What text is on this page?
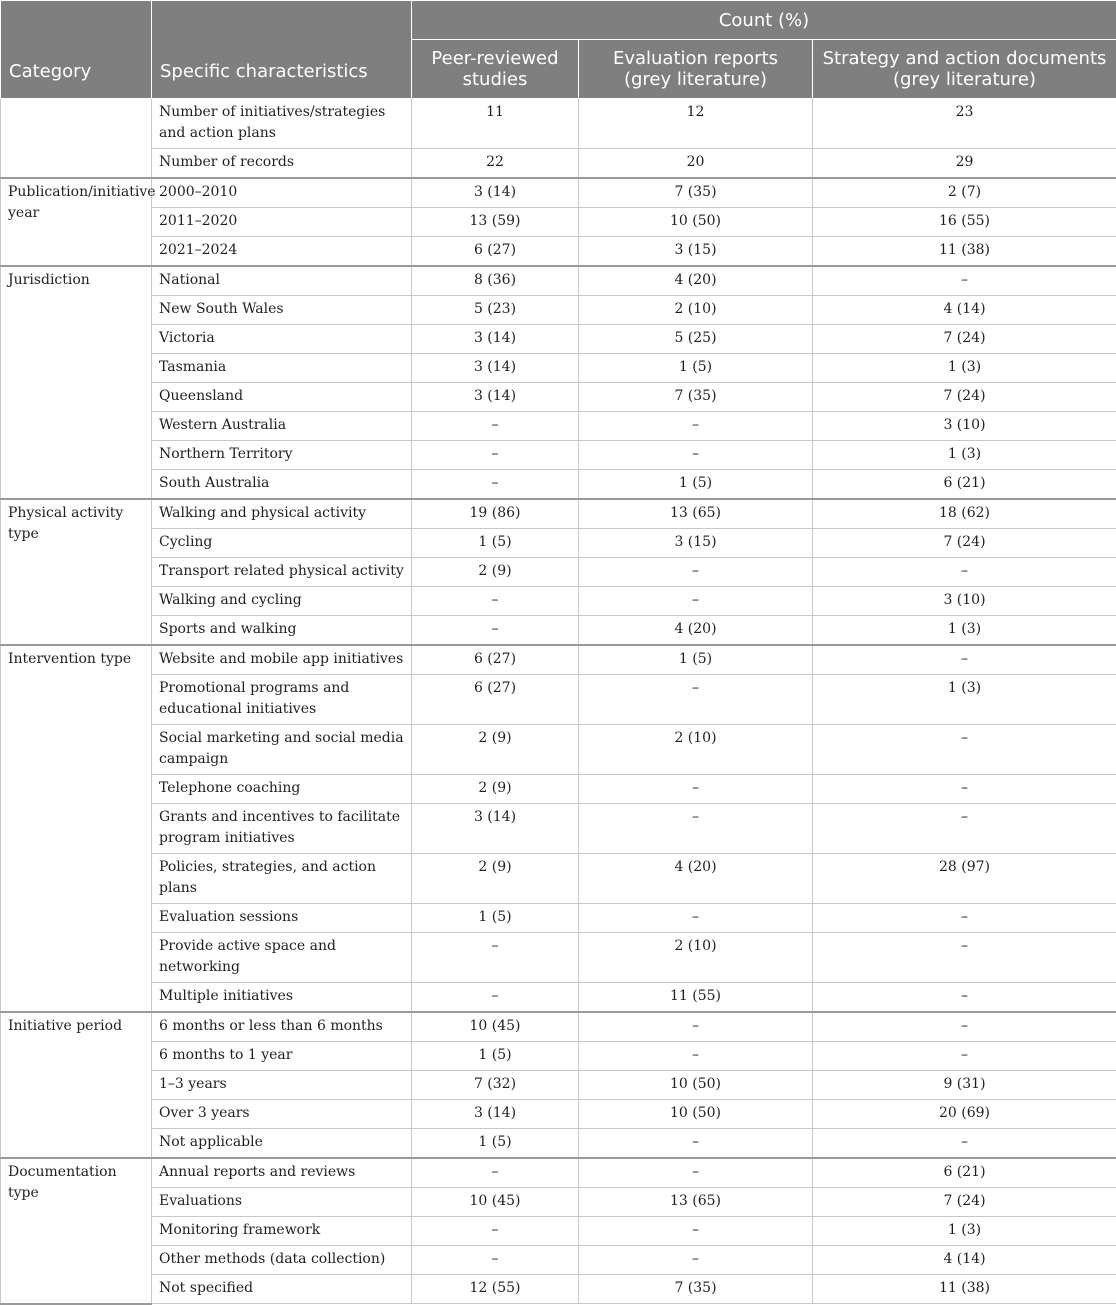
Category	Specific characteristics	Count (%)		
		Peer-reviewed studies	Evaluation reports (grey literature)	Strategy and action documents (grey literature)
	Number of initiatives/strategies and action plans	11	12	23
	Number of records	22	20	29
Publication/initiative year	2000–2010	3 (14)	7 (35)	2 (7)
	2011–2020	13 (59)	10 (50)	16 (55)
	2021–2024	6 (27)	3 (15)	11 (38)
Jurisdiction	National	8 (36)	4 (20)	–
	New South Wales	5 (23)	2 (10)	4 (14)
	Victoria	3 (14)	5 (25)	7 (24)
	Tasmania	3 (14)	1 (5)	1 (3)
	Queensland	3 (14)	7 (35)	7 (24)
	Western Australia	–	–	3 (10)
	Northern Territory	–	–	1 (3)
	South Australia	–	1 (5)	6 (21)
Physical activity type	Walking and physical activity	19 (86)	13 (65)	18 (62)
	Cycling	1 (5)	3 (15)	7 (24)
	Transport related physical activity	2 (9)	–	–
	Walking and cycling	–	–	3 (10)
	Sports and walking	–	4 (20)	1 (3)
Intervention type	Website and mobile app initiatives	6 (27)	1 (5)	–
	Promotional programs and educational initiatives	6 (27)	–	1 (3)
	Social marketing and social media campaign	2 (9)	2 (10)	–
	Telephone coaching	2 (9)	–	–
	Grants and incentives to facilitate program initiatives	3 (14)	–	–
	Policies, strategies, and action plans	2 (9)	4 (20)	28 (97)
	Evaluation sessions	1 (5)	–	–
	Provide active space and networking	–	2 (10)	–
	Multiple initiatives	–	11 (55)	–
Initiative period	6 months or less than 6 months	10 (45)	–	–
	6 months to 1 year	1 (5)	–	–
	1–3 years	7 (32)	10 (50)	9 (31)
	Over 3 years	3 (14)	10 (50)	20 (69)
	Not applicable	1 (5)	–	–
Documentation type	Annual reports and reviews	–	–	6 (21)
	Evaluations	10 (45)	13 (65)	7 (24)
	Monitoring framework	–	–	1 (3)
	Other methods (data collection)	–	–	4 (14)
	Not specified	12 (55)	7 (35)	11 (38)
